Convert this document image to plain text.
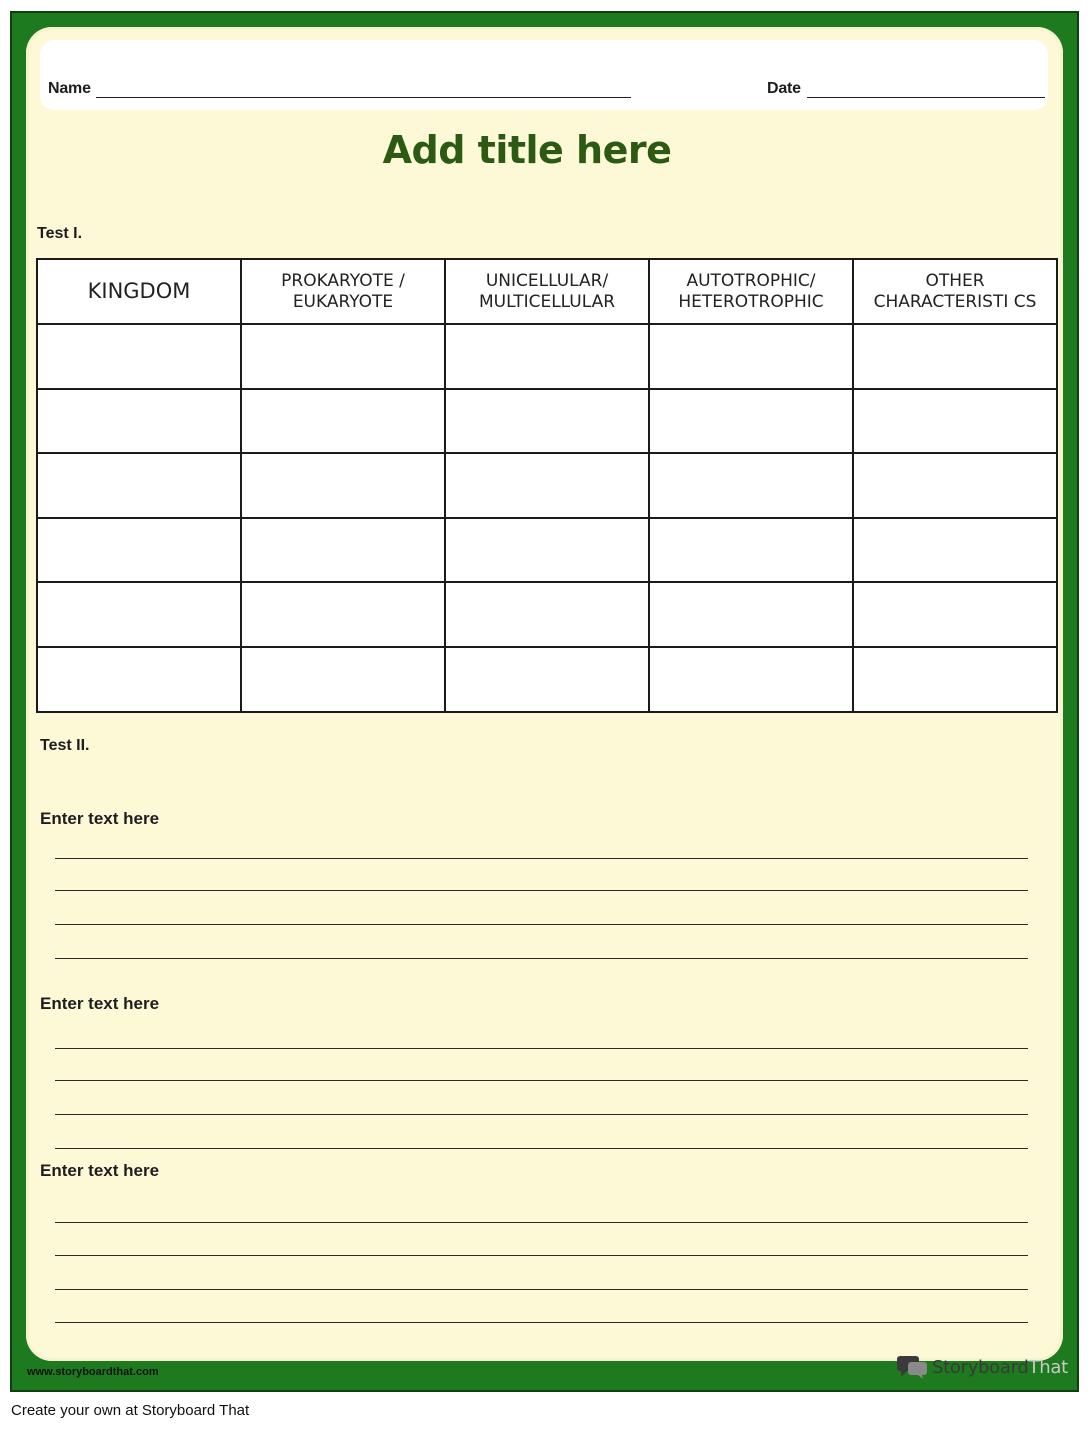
Name	Date
Add title here
Test I.
KINGDOM	PROKARYOTE / EUKARYOTE	UNICELLULAR/ MULTICELLULAR	AUTOTROPHIC/ HETEROTROPHIC	OTHER CHARACTERISTI CS

Test II.
Enter text here
Enter text here
Enter text here
www.storyboardthat.com	StoryboardThat
Create your own at Storyboard That
